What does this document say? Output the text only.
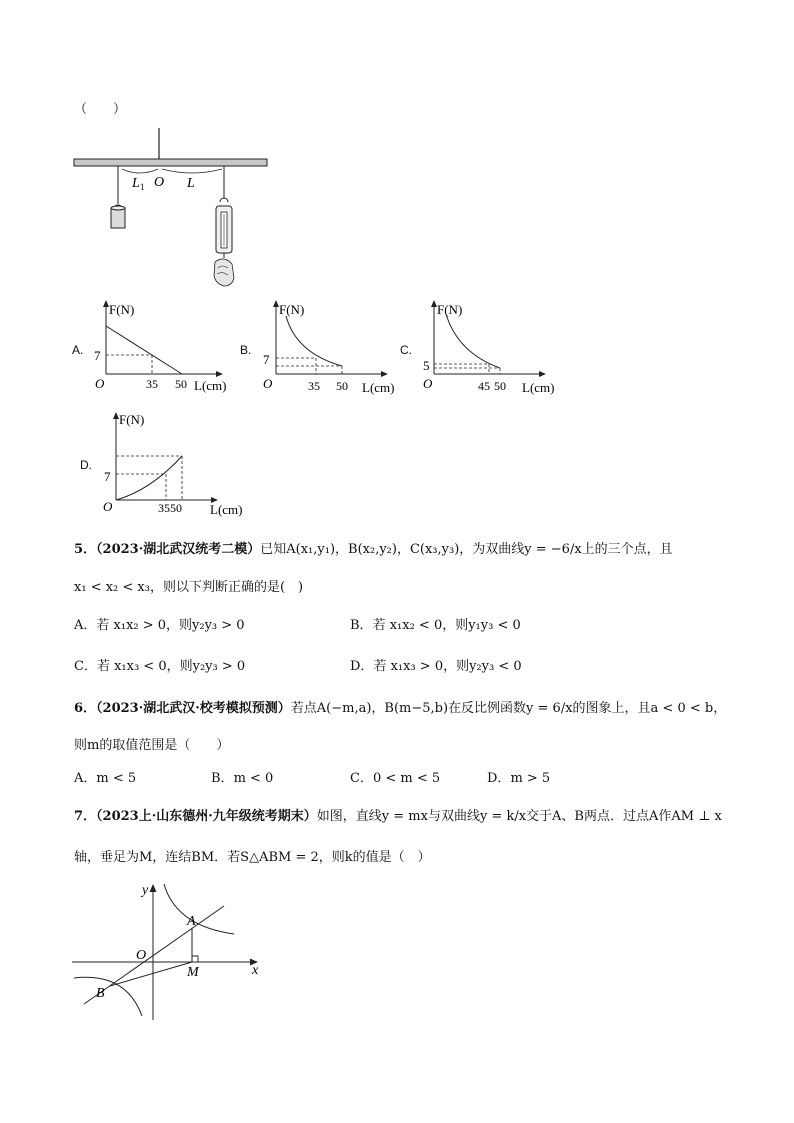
（　　）
L 1 O L
A.
F(N)
O	L(cm)
7
35 50
B.
F(N)
O	L(cm)
7
35 50
C.
F(N)
O	L(cm)
5
45 50
D.
F(N)
O	L(cm)
7
3550
5．（2023·湖北武汉统考二模）已知A(x₁,y₁)，B(x₂,y₂)，C(x₃,y₃)，为双曲线y = −6/x上的三个点，且
x₁ < x₂ < x₃，则以下判断正确的是(　)
A．若 x₁x₂ > 0，则y₂y₃ > 0	B．若 x₁x₂ < 0，则y₁y₃ < 0
C．若 x₁x₃ < 0，则y₂y₃ > 0	D．若 x₁x₃ > 0，则y₂y₃ < 0
6．（2023·湖北武汉·校考模拟预测）若点A(−m,a)，B(m−5,b)在反比例函数y = 6/x的图象上，且a < 0 < b，
则m的取值范围是（　　）
A．m < 5	B．m < 0	C．0 < m < 5	D．m > 5
7．（2023上·山东德州·九年级统考期末）如图，直线y = mx与双曲线y = k/x交于A、B两点．过点A作AM ⊥ x
轴，垂足为M，连结BM．若S△ABM = 2，则k的值是（　）
y
x
O
A
B
M
